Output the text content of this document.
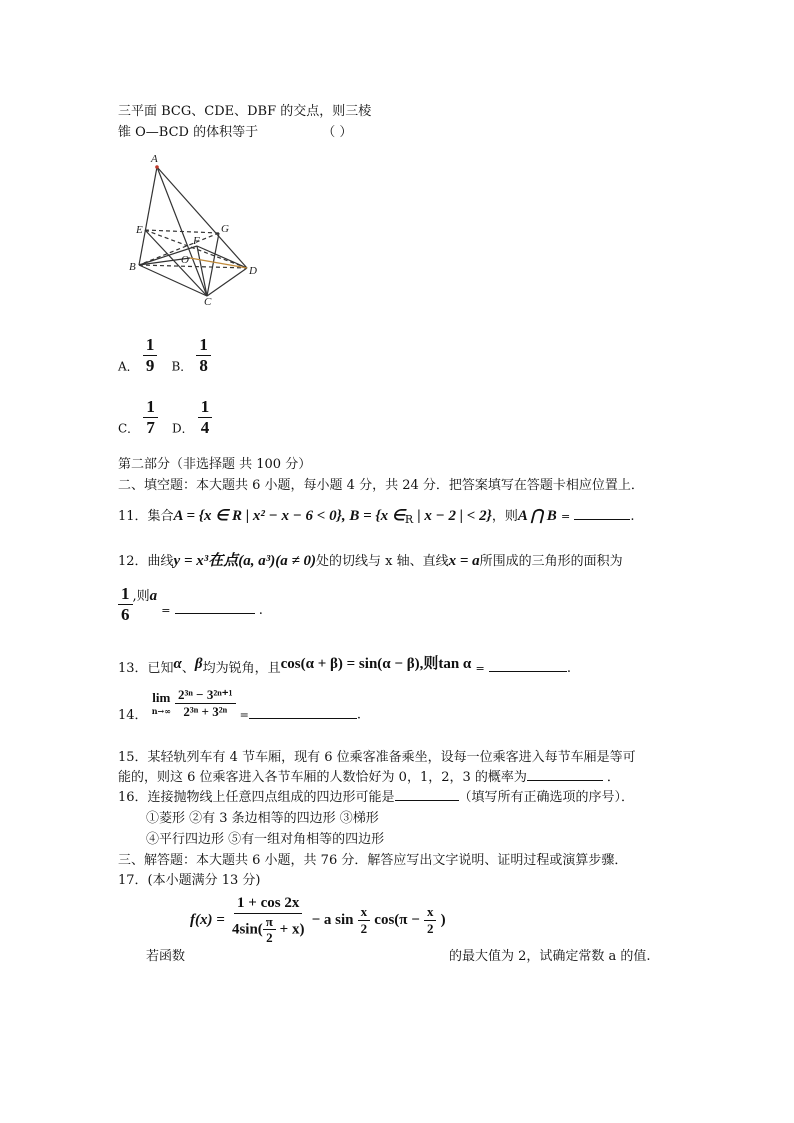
三平面 BCG、CDE、DBF 的交点，则三棱
锥 O—BCD 的体积等于	（ ）
A
E	G
F
O
B	D
C
A． $\frac{1}{9}$ B． $\frac{1}{8}$
C． $\frac{1}{7}$ D． $\frac{1}{4}$
第二部分（非选择题 共 100 分）
二、填空题：本大题共 6 小题，每小题 4 分，共 24 分．把答案填写在答题卡相应位置上．
11．集合A = {x ∈ R | x² − x − 6 < 0}, B = {x $\in_R$ | x − 2 | < 2}，则A ⋂ B =	.
12．曲线y = x³在点(a, a³)(a ≠ 0)处的切线与 x 轴、直线x = a所围成的三角形的面积为
$\frac{1}{6}$ ,则a $_=$	.
13．已知α、β均为锐角，且cos(α + β) = sin(α − β),则tan α =	.
14．
lim
n→∞
$\frac{\text{2³ⁿ − 3²ⁿ⁺¹}}{\text{2³ⁿ + 3²ⁿ}} _=$	.
15．某轻轨列车有 4 节车厢，现有 6 位乘客准备乘坐，设每一位乘客进入每节车厢是等可
能的，则这 6 位乘客进入各节车厢的人数恰好为 0，1，2，3 的概率为	．
16．连接抛物线上任意四点组成的四边形可能是	（填写所有正确选项的序号）．
①菱形 ②有 3 条边相等的四边形 ③梯形
④平行四边形 ⑤有一组对角相等的四边形
三、解答题：本大题共 6 小题，共 76 分．解答应写出文字说明、证明过程或演算步骤．
17．(本小题满分 13 分)
$f(x) = \frac{1 + \cos 2x}{4\sin( \frac{\pi}{2} + x)} - a$ $\sin \frac{x}{2} \cos(\pi - \frac{x}{2}$ )
若函数	的最大值为 2，试确定常数 a 的值.
